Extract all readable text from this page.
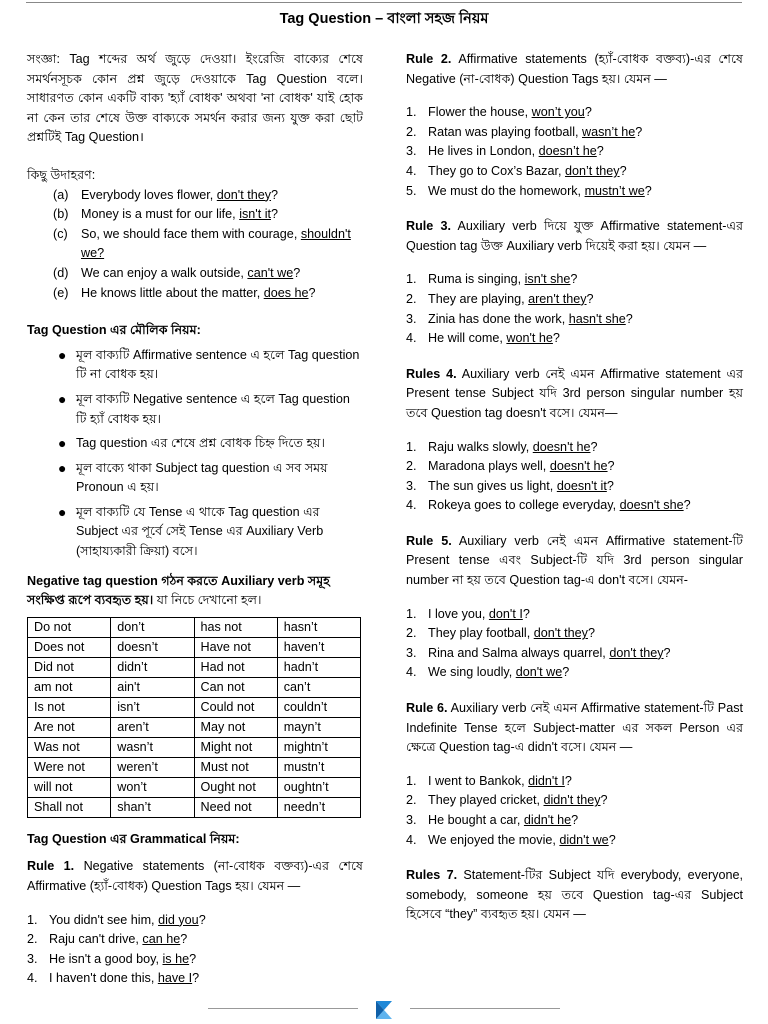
Tag Question – বাংলা সহজ নিয়ম

সংজ্ঞা: Tag শব্দের অর্থ জুড়ে দেওয়া। ইংরেজি বাক্যের শেষে সমর্থনসূচক কোন প্রশ্ন জুড়ে দেওয়াকে Tag Question বলে। সাধারণত কোন একটি বাক্য 'হ্যাঁ বোধক' অথবা 'না বোধক' যাই হোক না কেন তার শেষে উক্ত বাক্যকে সমর্থন করার জন্য যুক্ত করা ছোট প্রশ্নটিই Tag Question।

কিছু উদাহরণ:

(a) Everybody loves flower, don't they?
(b) Money is a must for our life, isn't it?
(c) So, we should face them with courage, shouldn't we?
(d) We can enjoy a walk outside, can't we?
(e) He knows little about the matter, does he?

Tag Question এর মৌলিক নিয়ম:

● মূল বাক্যটি Affirmative sentence এ হলে Tag question টি না বোধক হয়।
● মূল বাক্যটি Negative sentence এ হলে Tag question টি হ্যাঁ বোধক হয়।
● Tag question এর শেষে প্রশ্ন বোধক চিহ্ন দিতে হয়।
● মূল বাক্যে থাকা Subject tag question এ সব সময় Pronoun এ হয়।
● মূল বাক্যটি যে Tense এ থাকে Tag question এর Subject এর পূর্বে সেই Tense এর Auxiliary Verb (সাহায্যকারী ক্রিয়া) বসে।

Negative tag question গঠন করতে Auxiliary verb সমূহ সংক্ষিপ্ত রূপে ব্যবহৃত হয়। যা নিচে দেখানো হল।

Do not	don’t	has not	hasn’t
Does not	doesn’t	Have not	haven’t
Did not	didn’t	Had not	hadn’t
am not	ain't	Can not	can’t
Is not	isn’t	Could not	couldn’t
Are not	aren’t	May not	mayn’t
Was not	wasn’t	Might not	mightn’t
Were not	weren’t	Must not	mustn’t
will not	won’t	Ought not	oughtn’t
Shall not	shan’t	Need not	needn’t

Tag Question এর Grammatical নিয়ম:

Rule 1. Negative statements (না-বোধক বক্তব্য)-এর শেষে Affirmative (হ্যাঁ-বোধক) Question Tags হয়। যেমন —

1. You didn't see him, did you?
2. Raju can't drive, can he?
3. He isn't a good boy, is he?
4. I haven't done this, have I?

Rule 2. Affirmative statements (হ্যাঁ-বোধক বক্তব্য)-এর শেষে Negative (না-বোধক) Question Tags হয়। যেমন —

1. Flower the house, won’t you?
2. Ratan was playing football, wasn’t he?
3. He lives in London, doesn’t he?
4. They go to Cox’s Bazar, don’t they?
5. We must do the homework, mustn’t we?

Rule 3. Auxiliary verb দিয়ে যুক্ত Affirmative statement-এর Question tag উক্ত Auxiliary verb দিয়েই করা হয়। যেমন —

1. Ruma is singing, isn't she?
2. They are playing, aren't they?
3. Zinia has done the work, hasn't she?
4. He will come, won't he?

Rules 4. Auxiliary verb নেই এমন Affirmative statement এর Present tense Subject যদি 3rd person singular number হয় তবে Question tag doesn't বসে। যেমন—

1. Raju walks slowly, doesn't he?
2. Maradona plays well, doesn't he?
3. The sun gives us light, doesn't it?
4. Rokeya goes to college everyday, doesn't she?

Rule 5. Auxiliary verb নেই এমন Affirmative statement-টি Present tense এবং Subject-টি যদি 3rd person singular number না হয় তবে Question tag-এ don't বসে। যেমন-

1. I love you, don't I?
2. They play football, don't they?
3. Rina and Salma always quarrel, don't they?
4. We sing loudly, don't we?

Rule 6. Auxiliary verb নেই এমন Affirmative statement-টি Past Indefinite Tense হলে Subject-matter এর সকল Person এর ক্ষেত্রে Question tag-এ didn't বসে। যেমন —

1. I went to Bankok, didn't I?
2. They played cricket, didn't they?
3. He bought a car, didn't he?
4. We enjoyed the movie, didn't we?

Rules 7. Statement-টির Subject যদি everybody, everyone, somebody, someone হয় তবে Question tag-এর Subject হিসেবে “they” ব্যবহৃত হয়। যেমন —
